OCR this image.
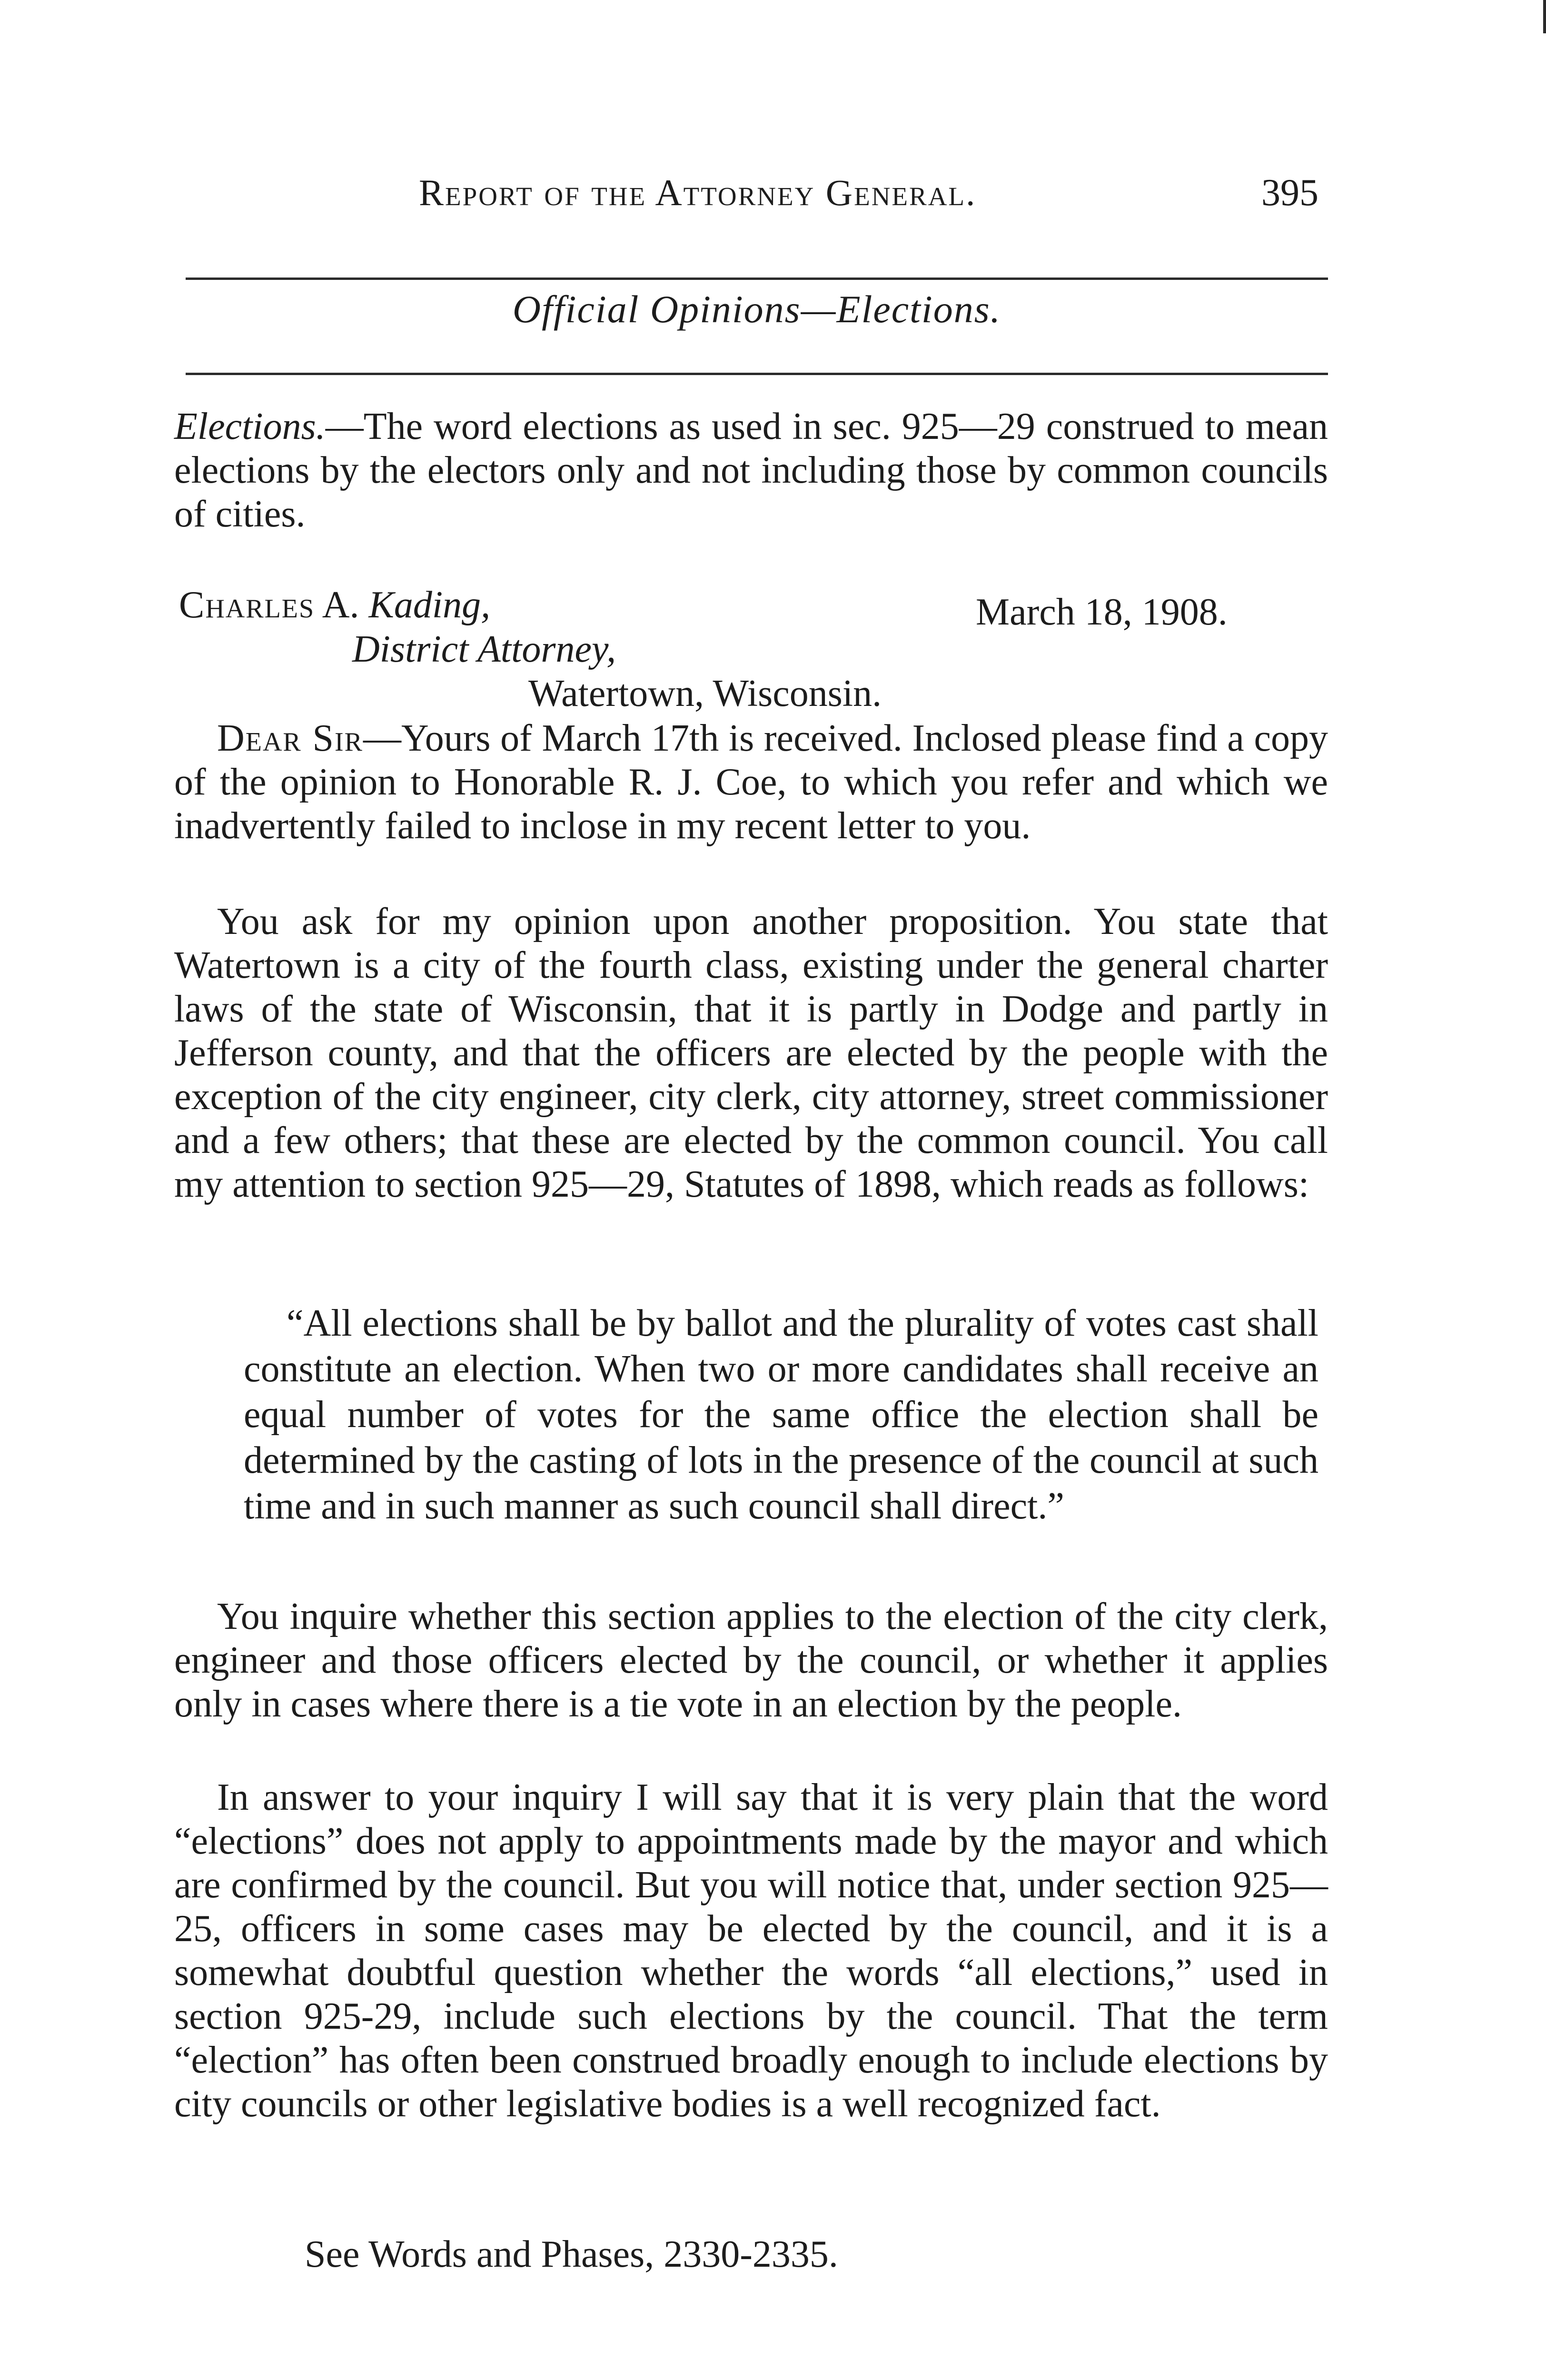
Report of the Attorney General.	395
Official Opinions—Elections.
Elections.—The word elections as used in sec. 925—29 construed to mean elections by the electors only and not including those by common councils of cities.
Charles A. Kading,	March 18, 1908.
District Attorney,
Watertown, Wisconsin.
Dear Sir—Yours of March 17th is received. Inclosed please find a copy of the opinion to Honorable R. J. Coe, to which you refer and which we inadvertently failed to inclose in my recent letter to you.
You ask for my opinion upon another proposition. You state that Watertown is a city of the fourth class, existing under the general charter laws of the state of Wisconsin, that it is partly in Dodge and partly in Jefferson county, and that the officers are elected by the people with the exception of the city engineer, city clerk, city attorney, street commissioner and a few others; that these are elected by the common council. You call my attention to section 925—29, Statutes of 1898, which reads as follows:
“All elections shall be by ballot and the plurality of votes cast shall constitute an election. When two or more candidates shall receive an equal number of votes for the same office the election shall be determined by the casting of lots in the presence of the council at such time and in such manner as such council shall direct.”
You inquire whether this section applies to the election of the city clerk, engineer and those officers elected by the council, or whether it applies only in cases where there is a tie vote in an election by the people.
In answer to your inquiry I will say that it is very plain that the word “elections” does not apply to appointments made by the mayor and which are confirmed by the council. But you will notice that, under section 925—25, officers in some cases may be elected by the council, and it is a somewhat doubtful question whether the words “all elections,” used in section 925-29, include such elections by the council. That the term “election” has often been construed broadly enough to include elections by city councils or other legislative bodies is a well recognized fact.
See Words and Phases, 2330-2335.
